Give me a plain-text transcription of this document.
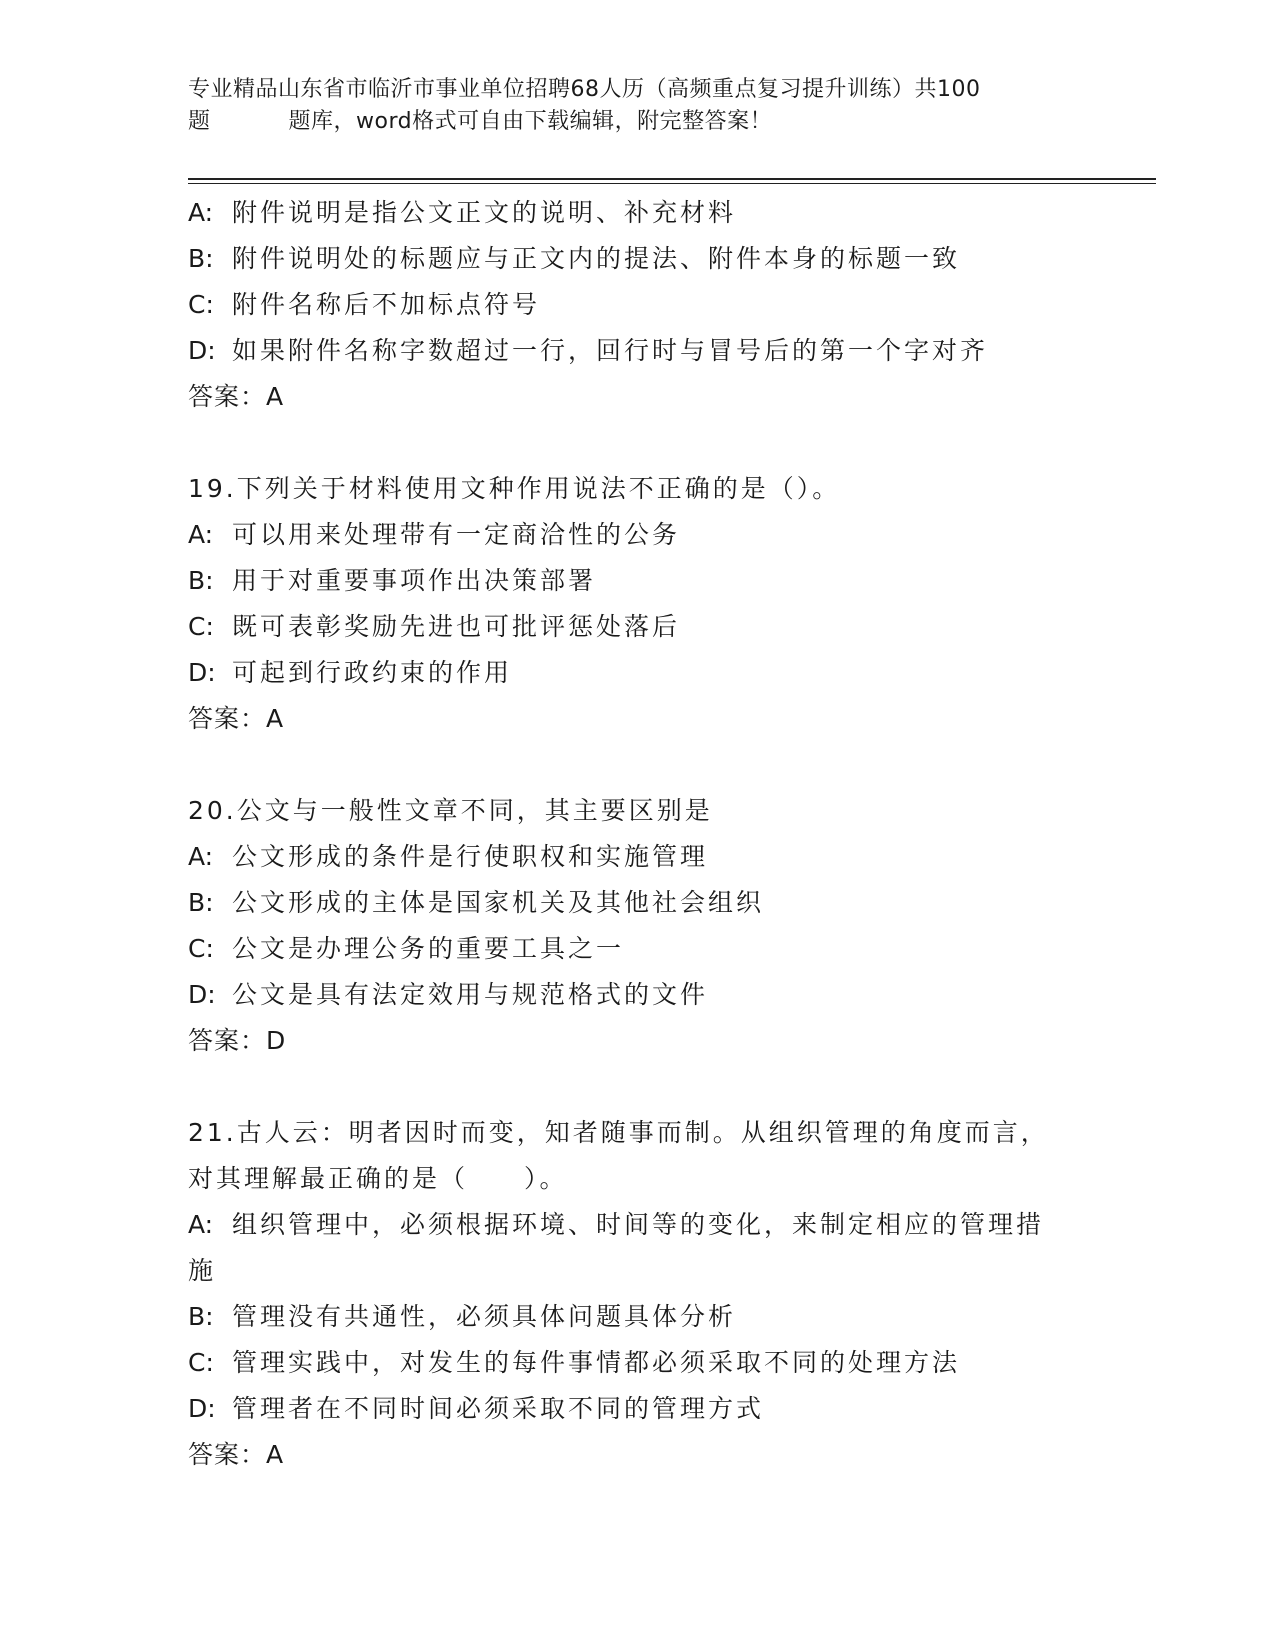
专业精品山东省市临沂市事业单位招聘68人历（高频重点复习提升训练）共100
题	题库，word格式可自由下载编辑，附完整答案！
A: 附件说明是指公文正文的说明、补充材料
B: 附件说明处的标题应与正文内的提法、附件本身的标题一致
C: 附件名称后不加标点符号
D: 如果附件名称字数超过一行，回行时与冒号后的第一个字对齐
答案：A
19.下列关于材料使用文种作用说法不正确的是（）。
A: 可以用来处理带有一定商洽性的公务
B: 用于对重要事项作出决策部署
C: 既可表彰奖励先进也可批评惩处落后
D: 可起到行政约束的作用
答案：A
20.公文与一般性文章不同，其主要区别是
A: 公文形成的条件是行使职权和实施管理
B: 公文形成的主体是国家机关及其他社会组织
C: 公文是办理公务的重要工具之一
D: 公文是具有法定效用与规范格式的文件
答案：D
21.古人云：明者因时而变，知者随事而制。从组织管理的角度而言，
对其理解最正确的是（　　）。
A: 组织管理中，必须根据环境、时间等的变化，来制定相应的管理措
施
B: 管理没有共通性，必须具体问题具体分析
C: 管理实践中，对发生的每件事情都必须采取不同的处理方法
D: 管理者在不同时间必须采取不同的管理方式
答案：A
